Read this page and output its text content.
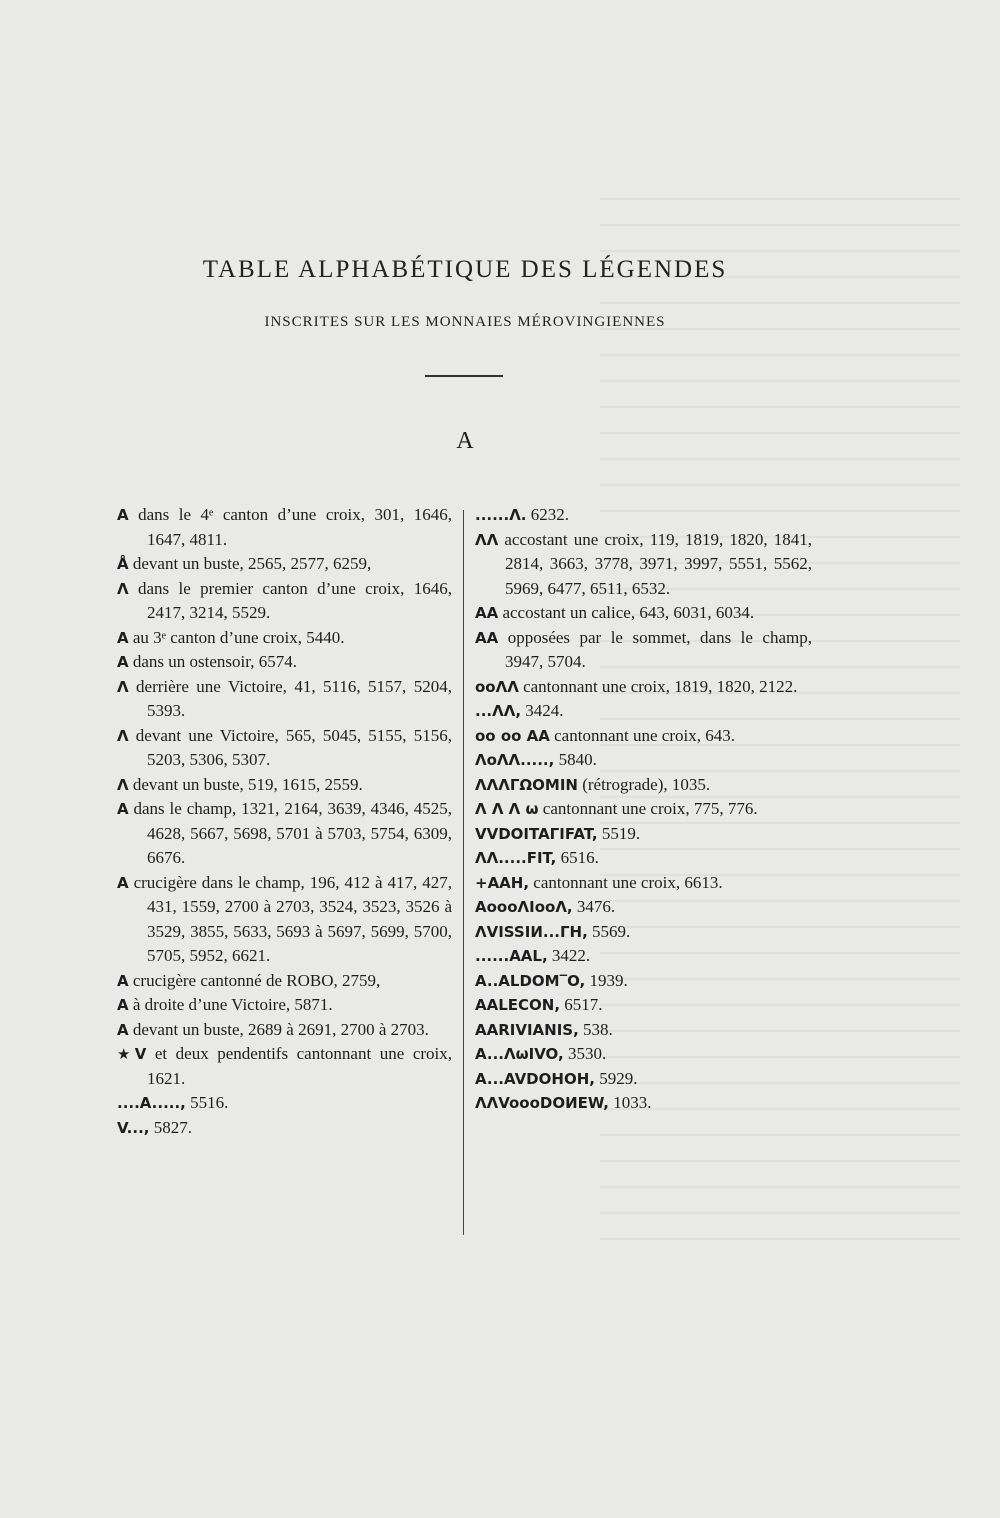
TABLE ALPHABÉTIQUE DES LÉGENDES
INSCRITES SUR LES MONNAIES MÉROVINGIENNES
A
A dans le 4ᵉ canton d’une croix, 301, 1646, 1647, 4811.
Å devant un buste, 2565, 2577, 6259,
Λ dans le premier canton d’une croix, 1646, 2417, 3214, 5529.
A au 3ᵉ canton d’une croix, 5440.
A dans un ostensoir, 6574.
Λ derrière une Victoire, 41, 5116, 5157, 5204, 5393.
Λ devant une Victoire, 565, 5045, 5155, 5156, 5203, 5306, 5307.
Λ devant un buste, 519, 1615, 2559.
A dans le champ, 1321, 2164, 3639, 4346, 4525, 4628, 5667, 5698, 5701 à 5703, 5754, 6309, 6676.
A crucigère dans le champ, 196, 412 à 417, 427, 431, 1559, 2700 à 2703, 3524, 3523, 3526 à 3529, 3855, 5633, 5693 à 5697, 5699, 5700, 5705, 5952, 6621.
A crucigère cantonné de ROBO, 2759,
A à droite d’une Victoire, 5871.
A devant un buste, 2689 à 2691, 2700 à 2703.
★V et deux pendentifs cantonnant une croix, 1621.
....A....., 5516.
V..., 5827.
......Λ. 6232.
ΛΛ accostant une croix, 119, 1819, 1820, 1841, 2814, 3663, 3778, 3971, 3997, 5551, 5562, 5969, 6477, 6511, 6532.
AA accostant un calice, 643, 6031, 6034.
AA opposées par le sommet, dans le champ, 3947, 5704.
ooΛΛ cantonnant une croix, 1819, 1820, 2122.
...ΛΛ, 3424.
oo oo AA cantonnant une croix, 643.
ΛoΛΛ....., 5840.
ΛΛΛΓΩOMIN (rétrograde), 1035.
Λ Λ Λ ω cantonnant une croix, 775, 776.
VVDOITAΓIFAT, 5519.
ΛΛ.....FIT, 6516.
+AAH, cantonnant une croix, 6613.
AoooΛIooΛ, 3476.
ΛVISSIИ...ΓH, 5569.
......AAL, 3422.
A..ALDOM‾O, 1939.
AALECON, 6517.
AARIVIANIS, 538.
A...ΛωIVO, 3530.
A...AVDOHOH, 5929.
ΛΛVoooDOИEW, 1033.
